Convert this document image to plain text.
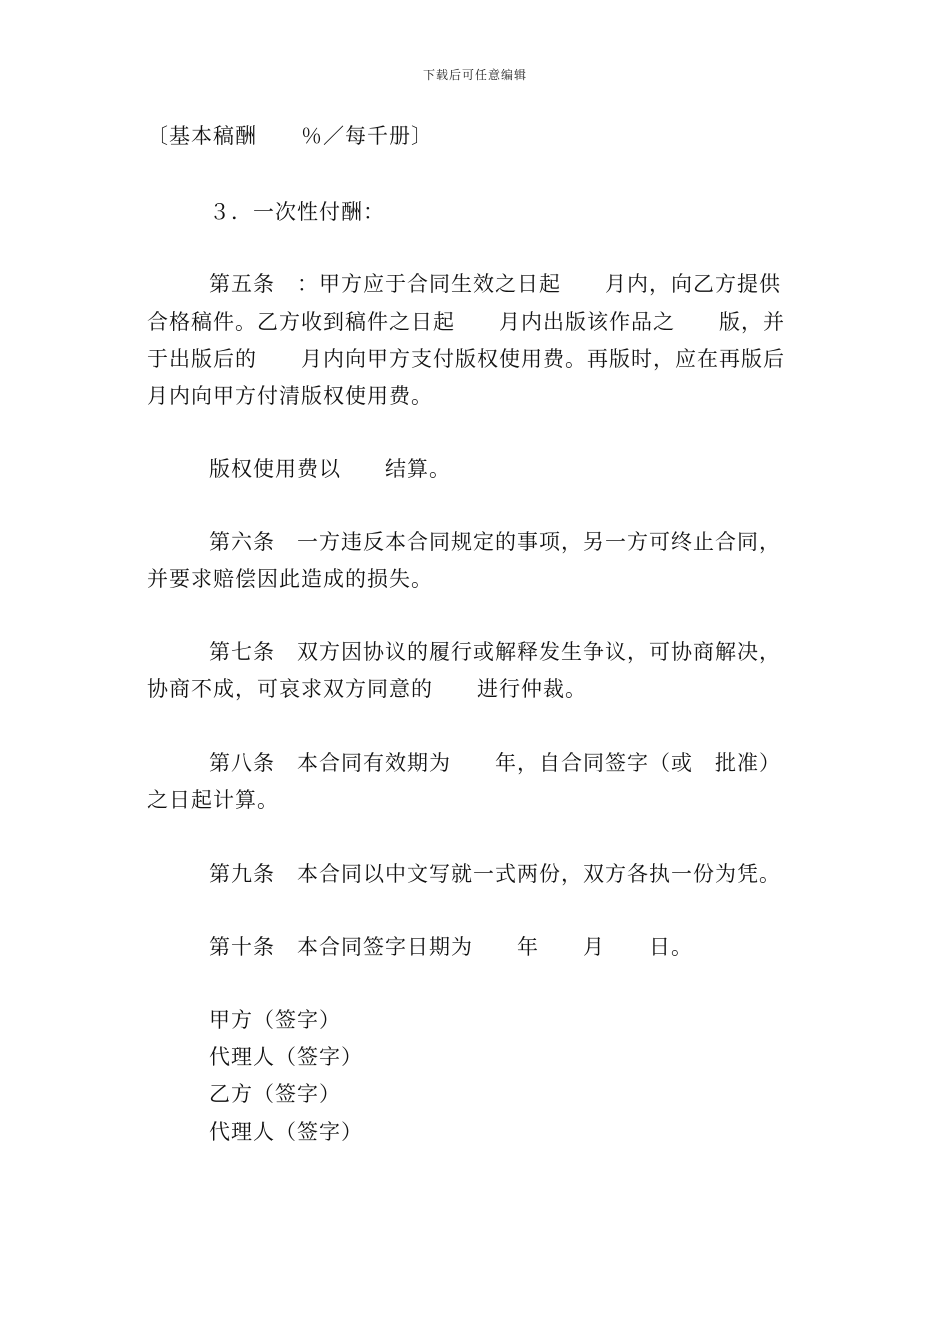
下载后可任意编辑
〔基本稿酬　　％／每千册〕
３．一次性付酬：
第五条　：甲方应于合同生效之日起　　月内，向乙方提供
合格稿件。乙方收到稿件之日起　　月内出版该作品之　　版，并
于出版后的　　月内向甲方支付版权使用费。再版时，应在再版后
月内向甲方付清版权使用费。
版权使用费以　　结算。
第六条　一方违反本合同规定的事项，另一方可终止合同，
并要求赔偿因此造成的损失。
第七条　双方因协议的履行或解释发生争议，可协商解决，
协商不成，可哀求双方同意的　　进行仲裁。
第八条　本合同有效期为　　年，自合同签字（或　批准）
之日起计算。
第九条　本合同以中文写就一式两份，双方各执一份为凭。
第十条　本合同签字日期为　　年　　月　　日。
甲方（签字）
代理人（签字）
乙方（签字）
代理人（签字）
